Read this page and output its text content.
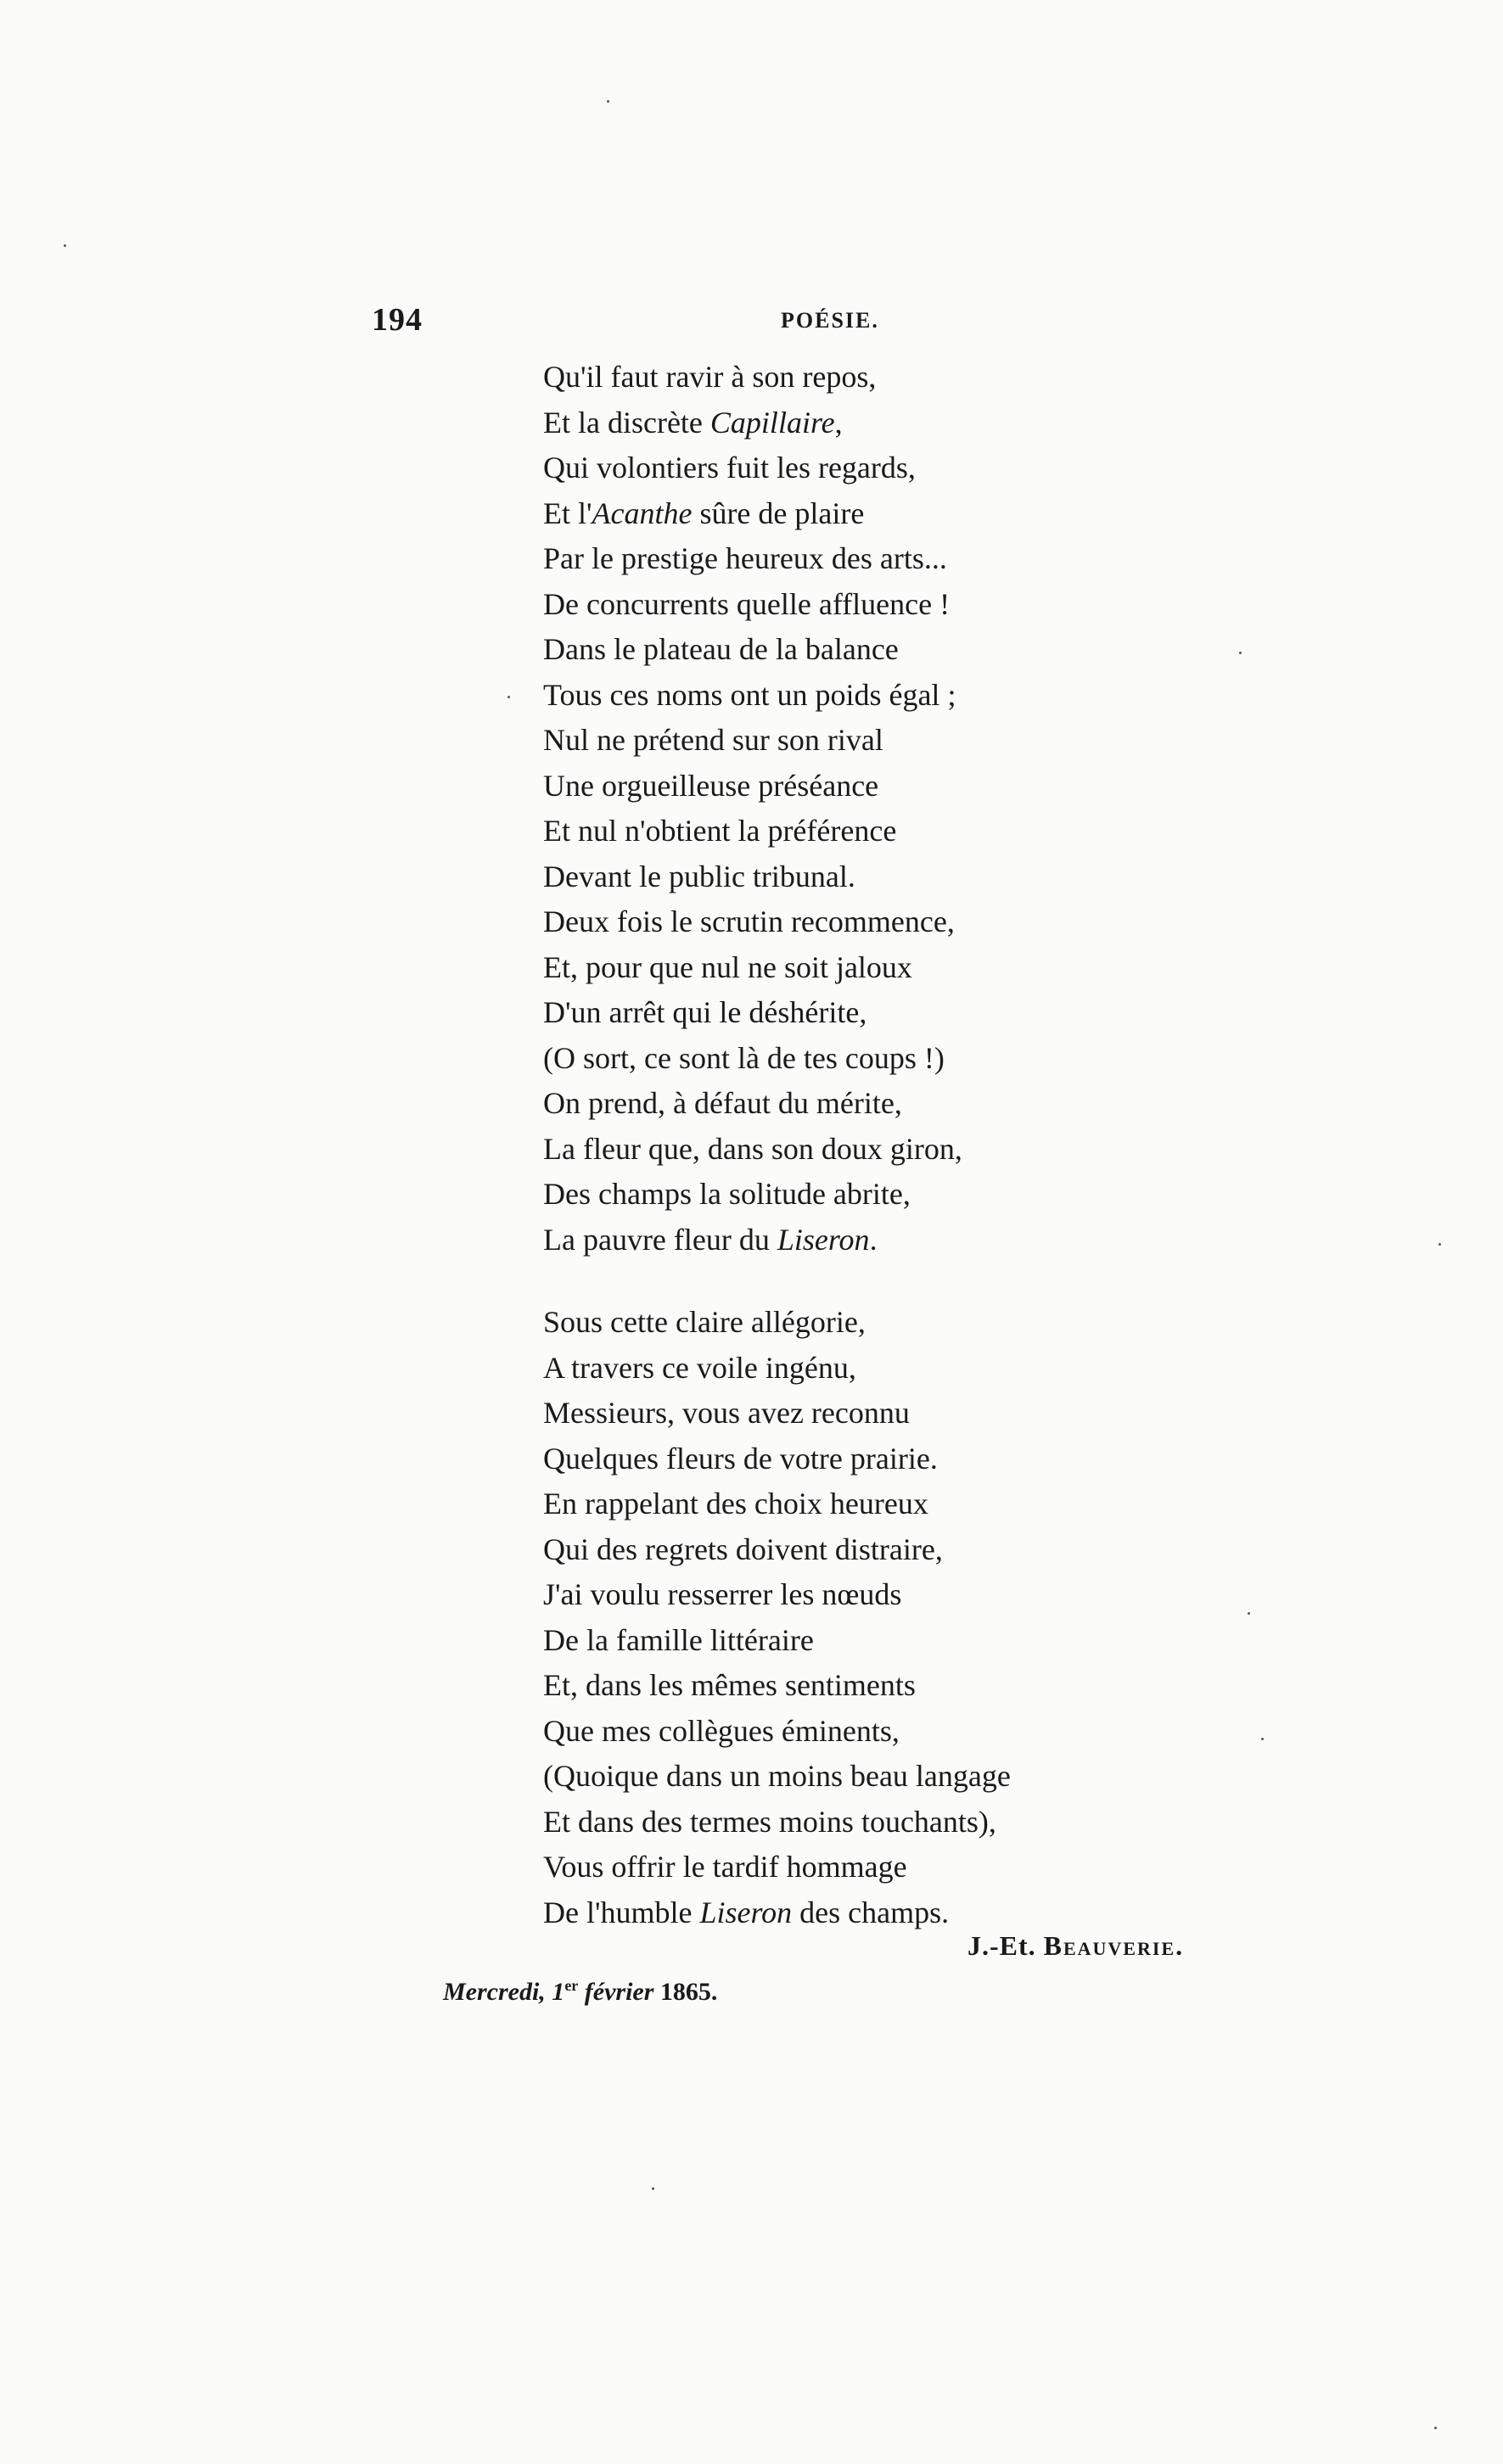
194	POÉSIE.
Qu'il faut ravir à son repos,
Et la discrète Capillaire,
Qui volontiers fuit les regards,
Et l'Acanthe sûre de plaire
Par le prestige heureux des arts...
De concurrents quelle affluence !
Dans le plateau de la balance
Tous ces noms ont un poids égal ;
Nul ne prétend sur son rival
Une orgueilleuse préséance
Et nul n'obtient la préférence
Devant le public tribunal.
Deux fois le scrutin recommence,
Et, pour que nul ne soit jaloux
D'un arrêt qui le déshérite,
(O sort, ce sont là de tes coups !)
On prend, à défaut du mérite,
La fleur que, dans son doux giron,
Des champs la solitude abrite,
La pauvre fleur du Liseron.
Sous cette claire allégorie,
A travers ce voile ingénu,
Messieurs, vous avez reconnu
Quelques fleurs de votre prairie.
En rappelant des choix heureux
Qui des regrets doivent distraire,
J'ai voulu resserrer les nœuds
De la famille littéraire
Et, dans les mêmes sentiments
Que mes collègues éminents,
(Quoique dans un moins beau langage
Et dans des termes moins touchants),
Vous offrir le tardif hommage
De l'humble Liseron des champs.
J.-Et. Beauverie.
Mercredi, 1er février 1865.
